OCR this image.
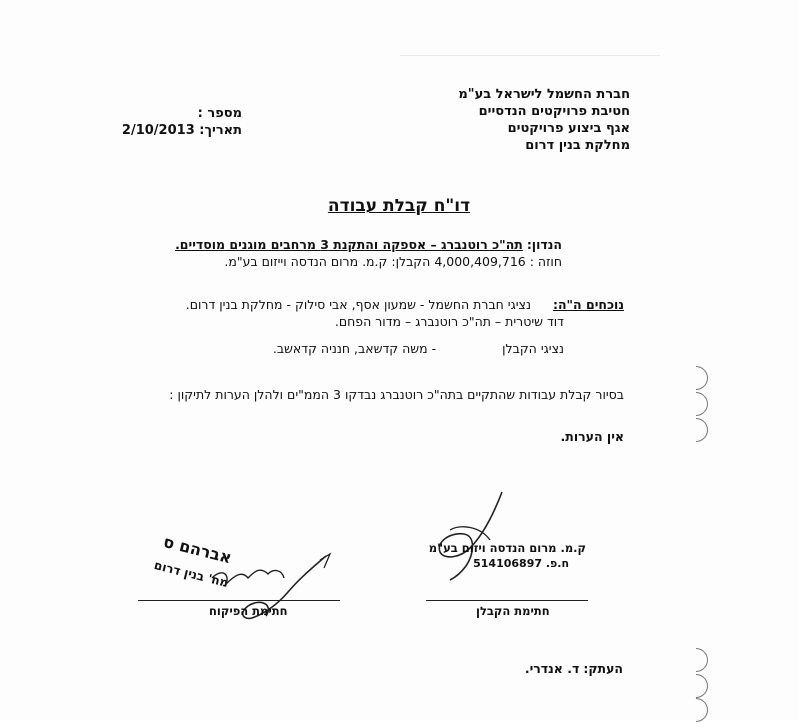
חברת החשמל לישראל בע"מ
חטיבת פרויקטים הנדסיים
אגף ביצוע פרויקטים
מחלקת בנין דרום
מספר :
תאריך: 2/10/2013
דו"ח קבלת עבודה
הנדון: תה"כ רוטנברג – אספקה והתקנת 3 מרחבים מוגנים מוסדיים.
חוזה : 4,000,409,716 הקבלן: ק.מ. מרום הנדסה וייזום בע"מ.
נוכחים ה"ה:  נציגי חברת החשמל - שמעון אסף, אבי סילוק - מחלקת בנין דרום.
דוד שיטרית – תה"כ רוטנברג – מדור הפחם.
נציגי הקבלן  - משה קדשאב, חנניה קדאשב.
בסיור קבלת עבודות שהתקיים בתה"כ רוטנברג נבדקו 3 הממ"ים ולהלן הערות לתיקון :
אין הערות.
ק.מ. מרום הנדסה ויזום בע"מ
ח.פ. 514106897
חתימת הקבלן
אברהם ס
מח' בנין דרום
חתימת הפיקוח
העתק: ד. אנדרי.
